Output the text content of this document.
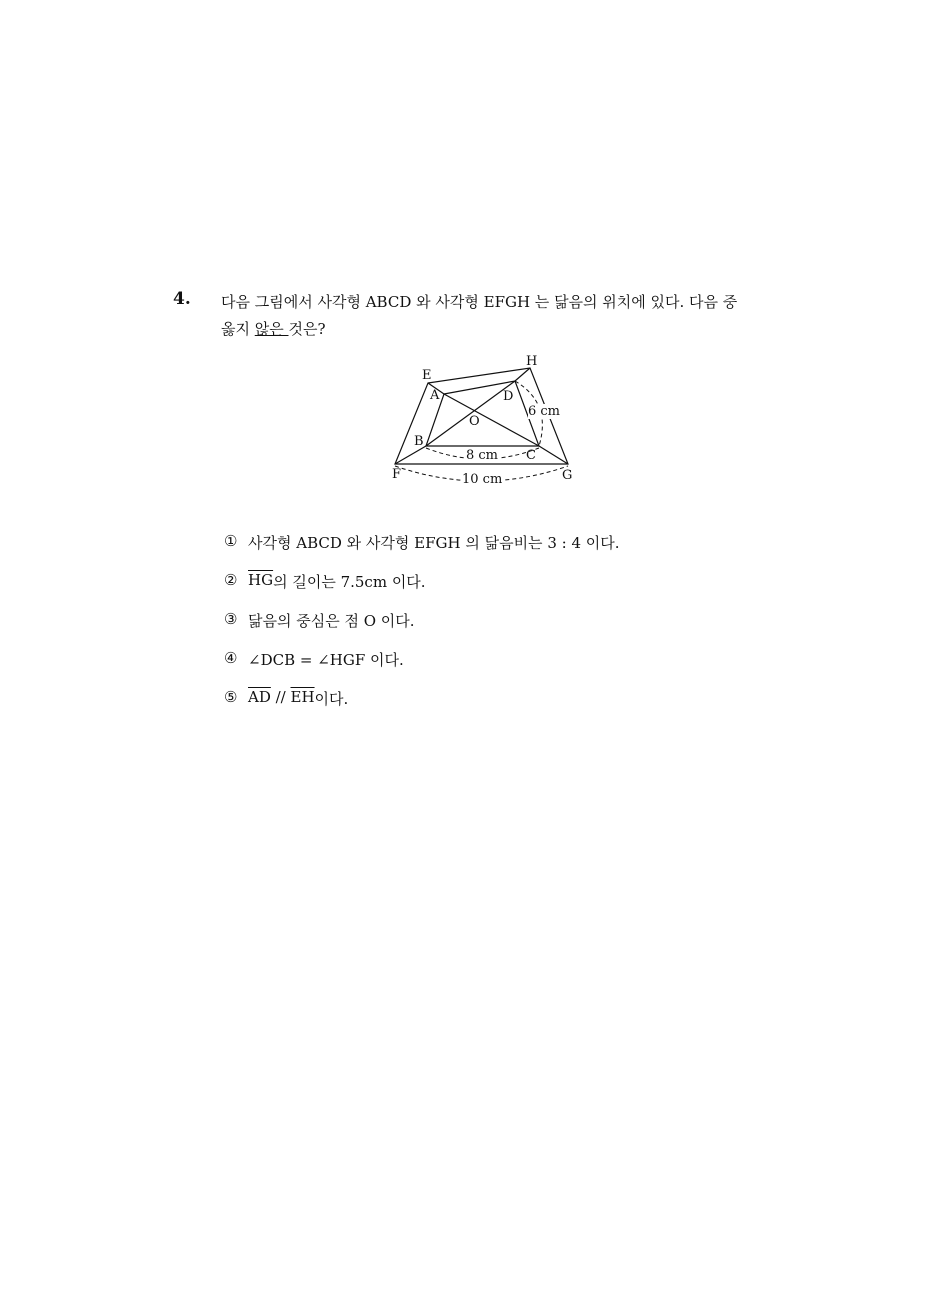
4. 다음 그림에서 사각형 ABCD 와 사각형 EFGH 는 닮음의 위치에 있다. 다음 중
옳지 않은 것은?
E
H
A	D
O
B
C
F	G
6 cm
8 cm
10 cm
① 사각형 ABCD 와 사각형 EFGH 의 닮음비는 3 : 4 이다.
② $\overline{HG}$ 의 길이는 7.5cm 이다.
③ 닮음의 중심은 점 O 이다.
④ ∠DCB = ∠HGF 이다.
⑤ $\overline{AD} // \overline{EH}$ 이다.
